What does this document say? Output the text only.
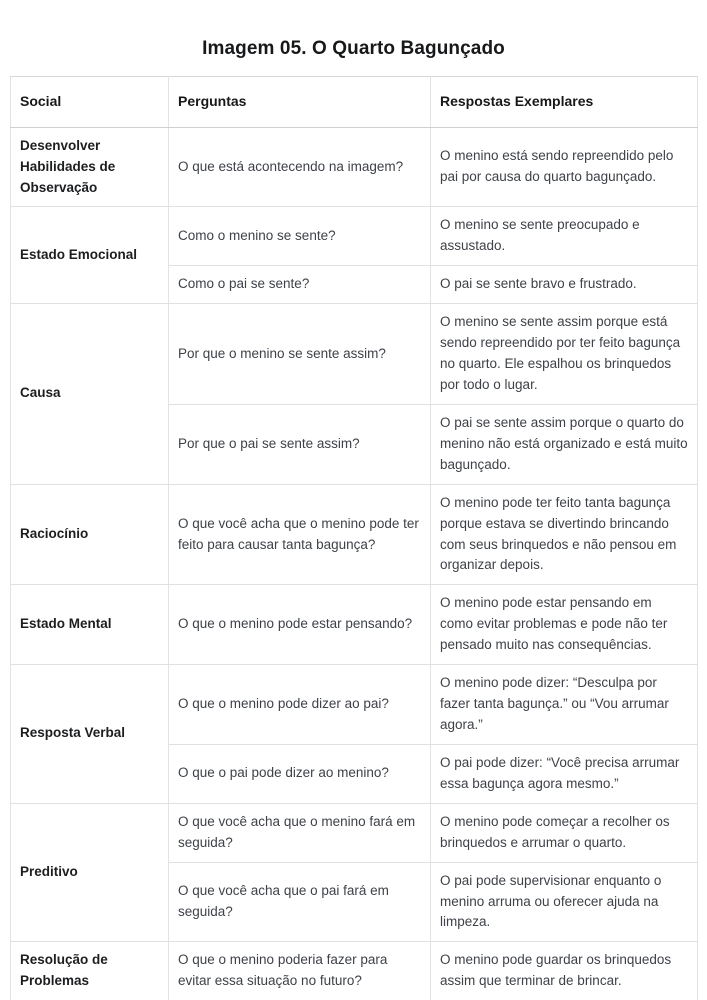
Imagem 05. O Quarto Bagunçado
Social	Perguntas	Respostas Exemplares
Desenvolver Habilidades de Observação	O que está acontecendo na imagem?	O menino está sendo repreendido pelo pai por causa do quarto bagunçado.
Estado Emocional	Como o menino se sente?	O menino se sente preocupado e assustado.
	Como o pai se sente?	O pai se sente bravo e frustrado.
Causa	Por que o menino se sente assim?	O menino se sente assim porque está sendo repreendido por ter feito bagunça no quarto. Ele espalhou os brinquedos por todo o lugar.
	Por que o pai se sente assim?	O pai se sente assim porque o quarto do menino não está organizado e está muito bagunçado.
Raciocínio	O que você acha que o menino pode ter feito para causar tanta bagunça?	O menino pode ter feito tanta bagunça porque estava se divertindo brincando com seus brinquedos e não pensou em organizar depois.
Estado Mental	O que o menino pode estar pensando?	O menino pode estar pensando em como evitar problemas e pode não ter pensado muito nas consequências.
Resposta Verbal	O que o menino pode dizer ao pai?	O menino pode dizer: “Desculpa por fazer tanta bagunça.” ou “Vou arrumar agora.”
	O que o pai pode dizer ao menino?	O pai pode dizer: “Você precisa arrumar essa bagunça agora mesmo.”
Preditivo	O que você acha que o menino fará em seguida?	O menino pode começar a recolher os brinquedos e arrumar o quarto.
	O que você acha que o pai fará em seguida?	O pai pode supervisionar enquanto o menino arruma ou oferecer ajuda na limpeza.
Resolução de Problemas	O que o menino poderia fazer para evitar essa situação no futuro?	O menino pode guardar os brinquedos assim que terminar de brincar.
